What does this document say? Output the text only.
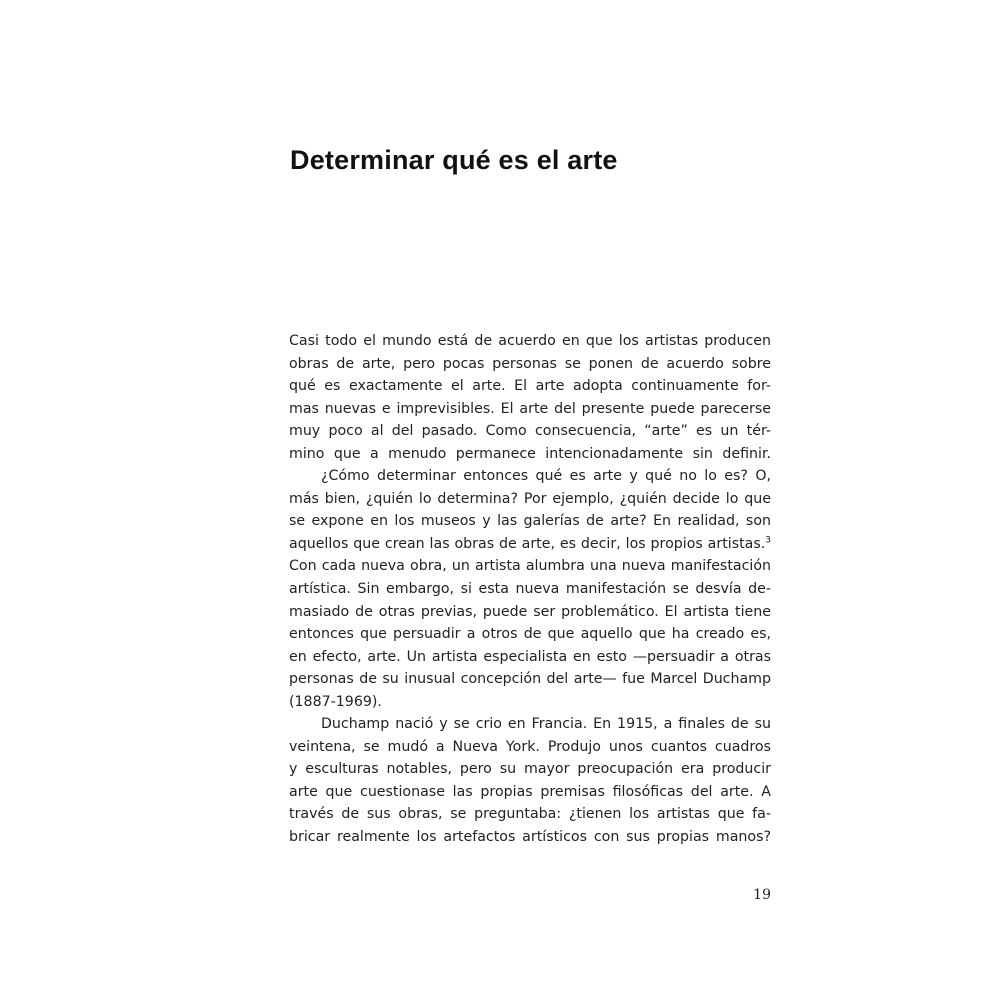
Determinar qué es el arte
Casi todo el mundo está de acuerdo en que los artistas producen
obras de arte, pero pocas personas se ponen de acuerdo sobre
qué es exactamente el arte. El arte adopta continuamente for-
mas nuevas e imprevisibles. El arte del presente puede parecerse
muy poco al del pasado. Como consecuencia, “arte” es un tér-
mino que a menudo permanece intencionadamente sin definir.
¿Cómo determinar entonces qué es arte y qué no lo es? O,
más bien, ¿quién lo determina? Por ejemplo, ¿quién decide lo que
se expone en los museos y las galerías de arte? En realidad, son
aquellos que crean las obras de arte, es decir, los propios artistas.$^3$
Con cada nueva obra, un artista alumbra una nueva manifestación
artística. Sin embargo, si esta nueva manifestación se desvía de-
masiado de otras previas, puede ser problemático. El artista tiene
entonces que persuadir a otros de que aquello que ha creado es,
en efecto, arte. Un artista especialista en esto —persuadir a otras
personas de su inusual concepción del arte— fue Marcel Duchamp
(1887-1969).
Duchamp nació y se crio en Francia. En 1915, a finales de su
veintena, se mudó a Nueva York. Produjo unos cuantos cuadros
y esculturas notables, pero su mayor preocupación era producir
arte que cuestionase las propias premisas filosóficas del arte. A
través de sus obras, se preguntaba: ¿tienen los artistas que fa-
bricar realmente los artefactos artísticos con sus propias manos?
19
